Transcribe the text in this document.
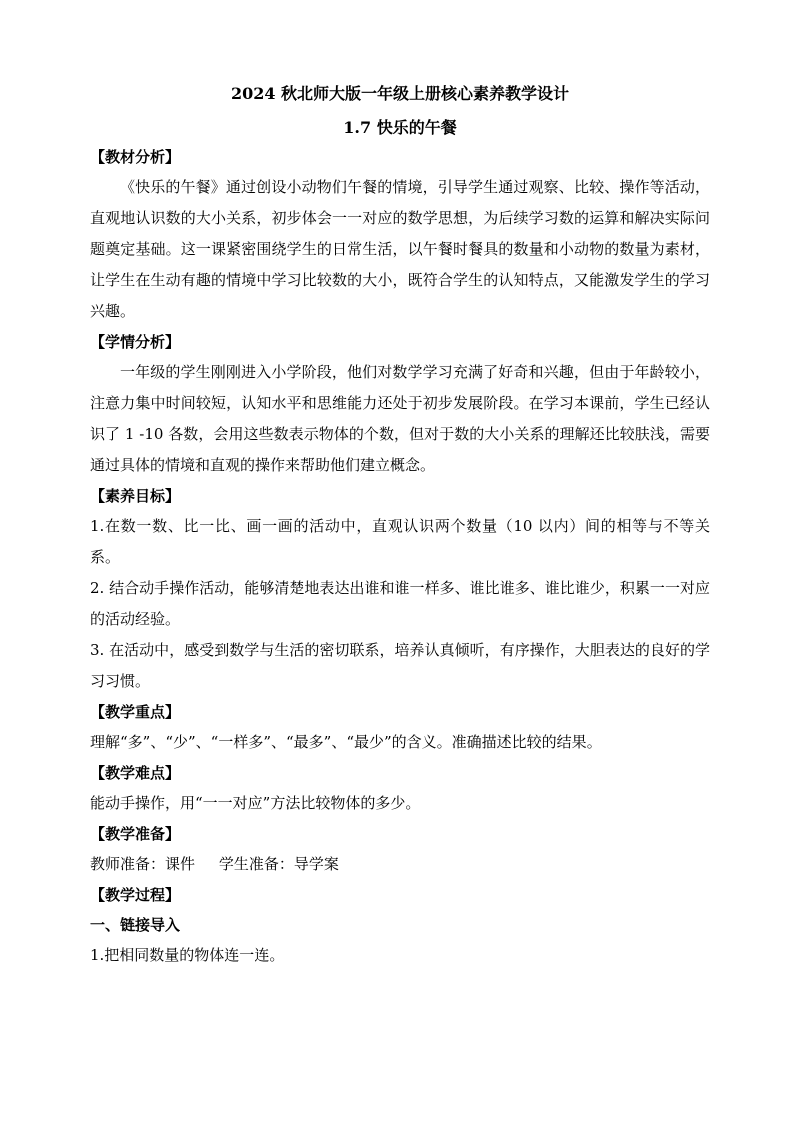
2024 秋北师大版一年级上册核心素养教学设计
1.7 快乐的午餐

【教材分析】

《快乐的午餐》通过创设小动物们午餐的情境，引导学生通过观察、比较、操作等活动，直观地认识数的大小关系，初步体会一一对应的数学思想，为后续学习数的运算和解决实际问题奠定基础。这一课紧密围绕学生的日常生活，以午餐时餐具的数量和小动物的数量为素材，让学生在生动有趣的情境中学习比较数的大小，既符合学生的认知特点，又能激发学生的学习兴趣。

【学情分析】

一年级的学生刚刚进入小学阶段，他们对数学学习充满了好奇和兴趣，但由于年龄较小，注意力集中时间较短，认知水平和思维能力还处于初步发展阶段。在学习本课前，学生已经认识了 1 -10 各数，会用这些数表示物体的个数，但对于数的大小关系的理解还比较肤浅，需要通过具体的情境和直观的操作来帮助他们建立概念。

【素养目标】

1.在数一数、比一比、画一画的活动中，直观认识两个数量（10 以内）间的相等与不等关系。

2. 结合动手操作活动，能够清楚地表达出谁和谁一样多、谁比谁多、谁比谁少，积累一一对应的活动经验。

3. 在活动中，感受到数学与生活的密切联系，培养认真倾听，有序操作，大胆表达的良好的学习习惯。

【教学重点】

理解“多”、“少”、“一样多”、“最多”、“最少”的含义。准确描述比较的结果。

【教学难点】

能动手操作，用“一一对应”方法比较物体的多少。

【教学准备】

教师准备：课件     学生准备：导学案

【教学过程】

一、链接导入

1.把相同数量的物体连一连。
